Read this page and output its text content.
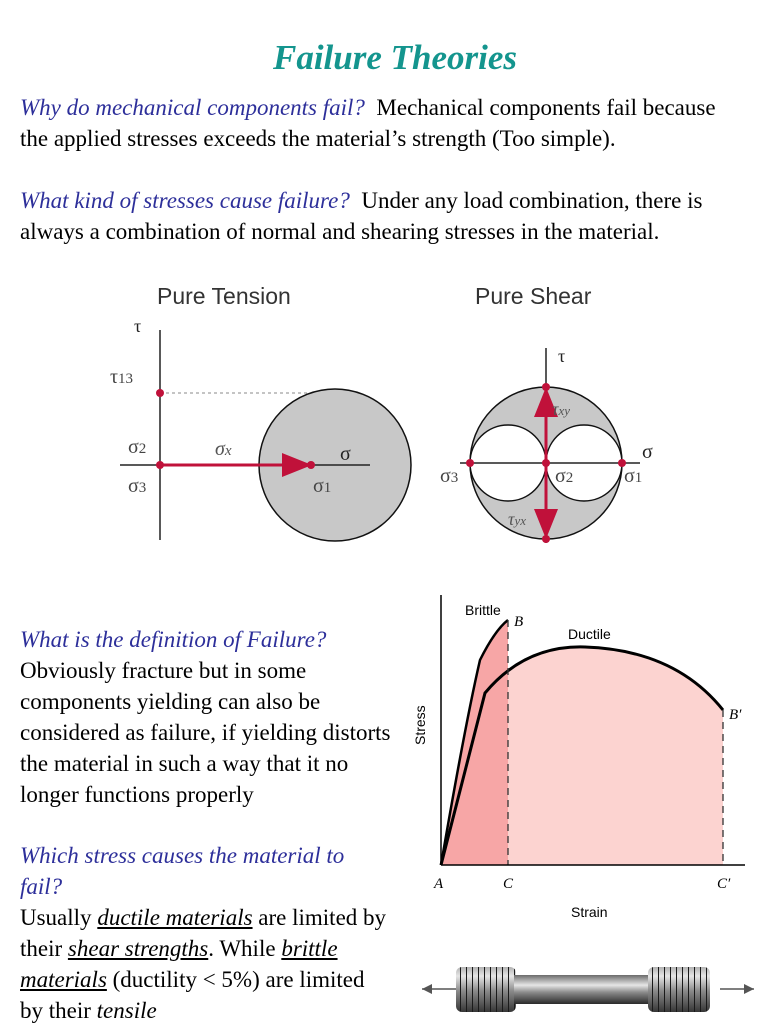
Failure Theories

Why do mechanical components fail? Mechanical components fail because the applied stresses exceeds the material’s strength (Too simple).

What kind of stresses cause failure? Under any load combination, there is always a combination of normal and shearing stresses in the material.

Pure Tension	Pure Shear
τ
σ
τ13
σx
σ2
σ3	σ1
τ
σ
τxy
τyx
σ3	σ2	σ1

What is the definition of Failure?
Obviously fracture but in some components yielding can also be considered as failure, if yielding distorts the material in such a way that it no longer functions properly

Which stress causes the material to fail?
Usually ductile materials are limited by their shear strengths. While brittle materials (ductility < 5%) are limited by their tensile

Brittle
Ductile
B
B′
A	C	C′
Strain
Stress
